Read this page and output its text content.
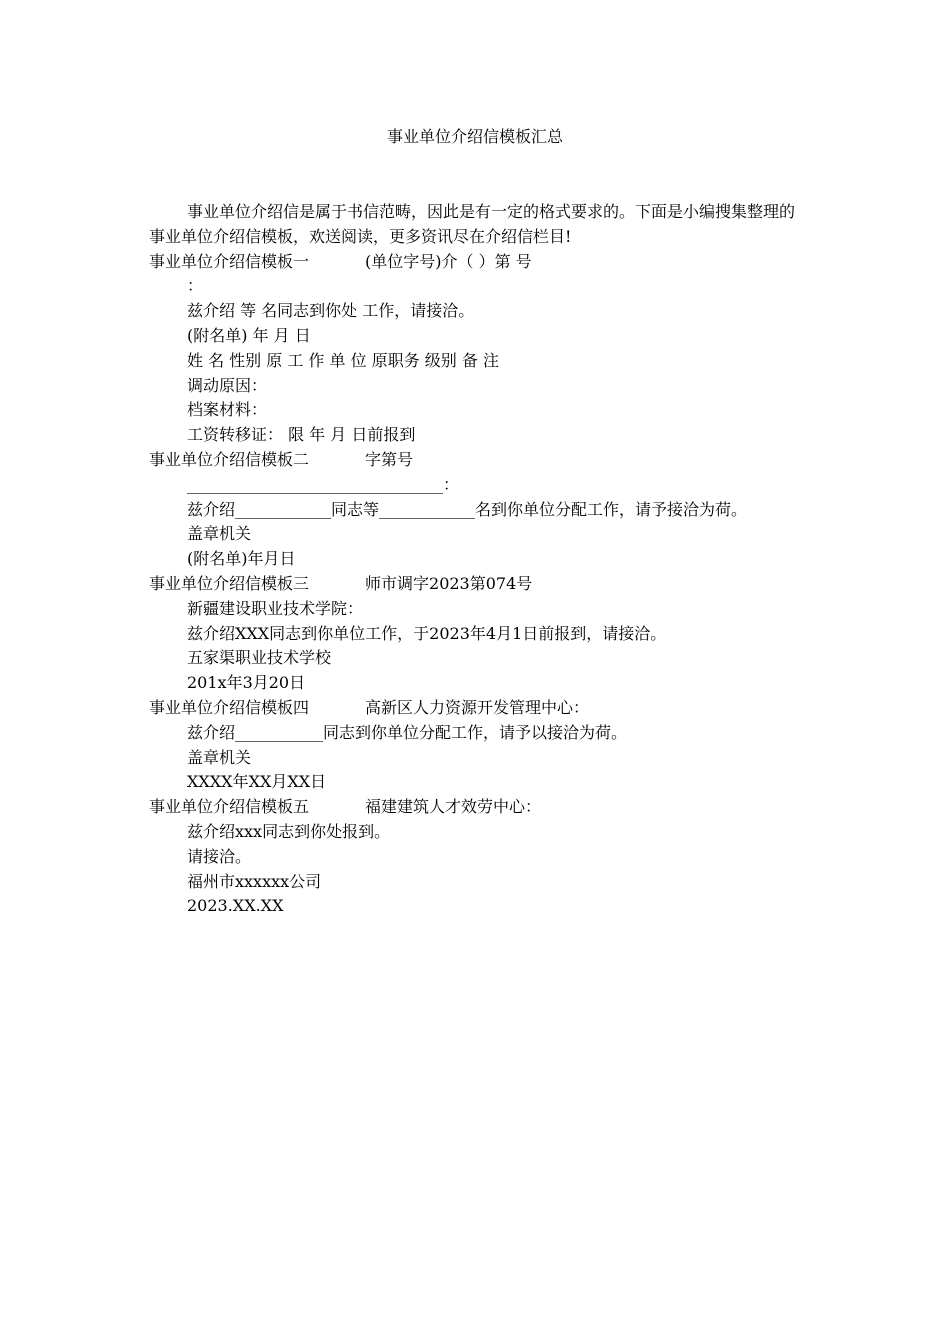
事业单位介绍信模板汇总

事业单位介绍信是属于书信范畴，因此是有一定的格式要求的。下面是小编搜集整理的事业单位介绍信模板，欢送阅读，更多资讯尽在介绍信栏目!

事业单位介绍信模板一	(单位字号)介（ ）第 号

：

兹介绍 等 名同志到你处 工作，请接洽。

(附名单) 年 月 日

姓 名 性别 原 工 作 单 位 原职务 级别 备 注

调动原因：

档案材料：

工资转移证： 限 年 月 日前报到

事业单位介绍信模板二	字第号

________________________________：

兹介绍____________同志等____________名到你单位分配工作，请予接洽为荷。

盖章机关

(附名单)年月日

事业单位介绍信模板三	师市调字2023第074号

新疆建设职业技术学院：

兹介绍XXX同志到你单位工作，于2023年4月1日前报到，请接洽。

五家渠职业技术学校

201x年3月20日

事业单位介绍信模板四	高新区人力资源开发管理中心：

兹介绍___________同志到你单位分配工作，请予以接洽为荷。

盖章机关

XXXX年XX月XX日

事业单位介绍信模板五	福建建筑人才效劳中心：

兹介绍xxx同志到你处报到。

请接洽。

福州市xxxxxx公司

2023.XX.XX
